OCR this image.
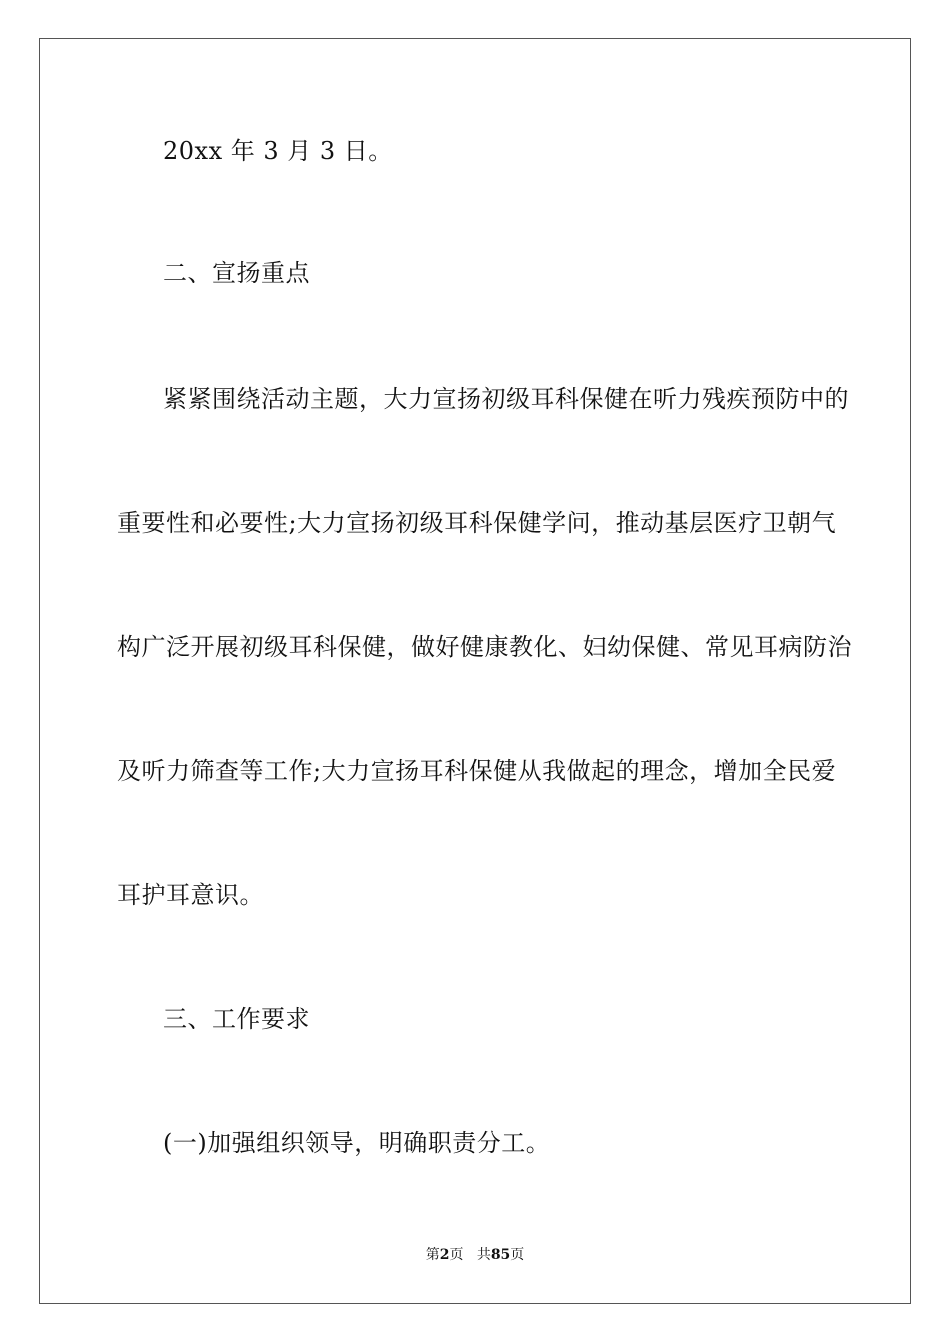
20xx 年 3 月 3 日。
二、宣扬重点
紧紧围绕活动主题，大力宣扬初级耳科保健在听力残疾预防中的
重要性和必要性;大力宣扬初级耳科保健学问，推动基层医疗卫朝气
构广泛开展初级耳科保健，做好健康教化、妇幼保健、常见耳病防治
及听力筛查等工作;大力宣扬耳科保健从我做起的理念，增加全民爱
耳护耳意识。
三、工作要求
(一)加强组织领导，明确职责分工。
第2页 共85页
